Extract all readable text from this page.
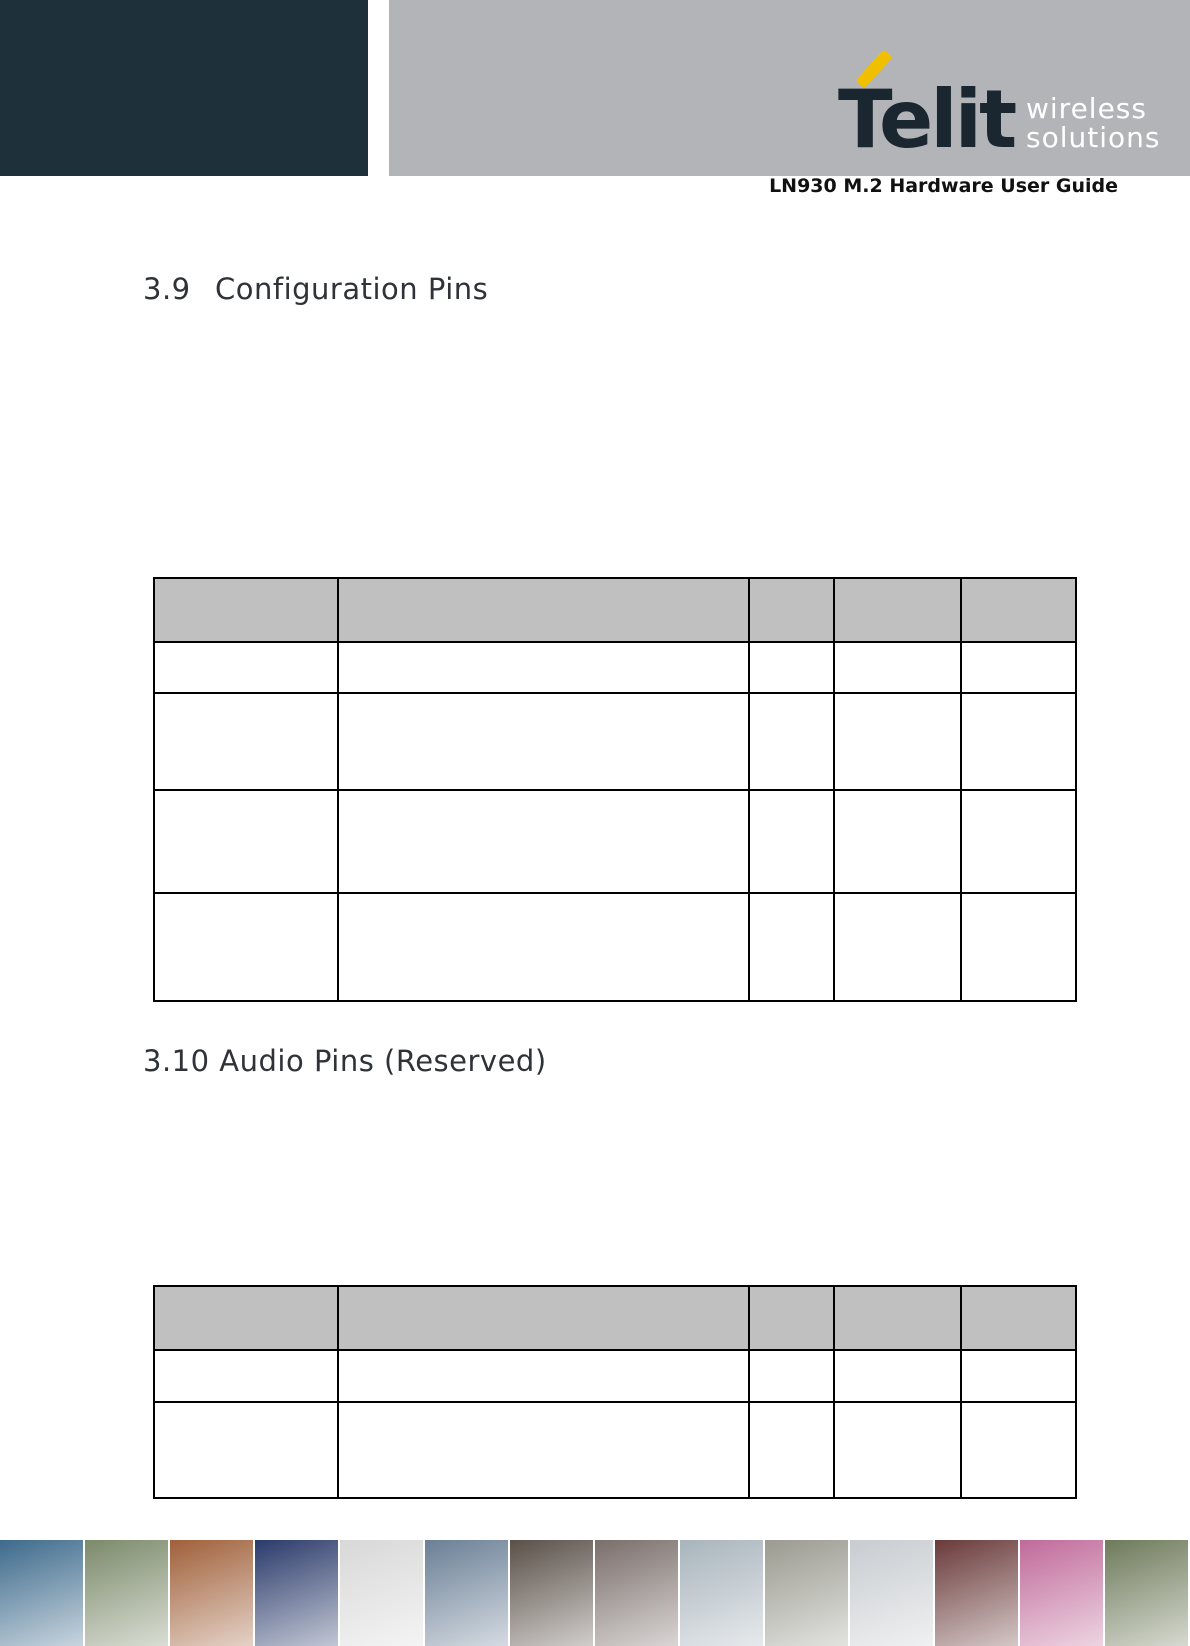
Telit wireless
solutions
LN930 M.2 Hardware User Guide
3.9 Configuration Pins

3.10 Audio Pins (Reserved)
